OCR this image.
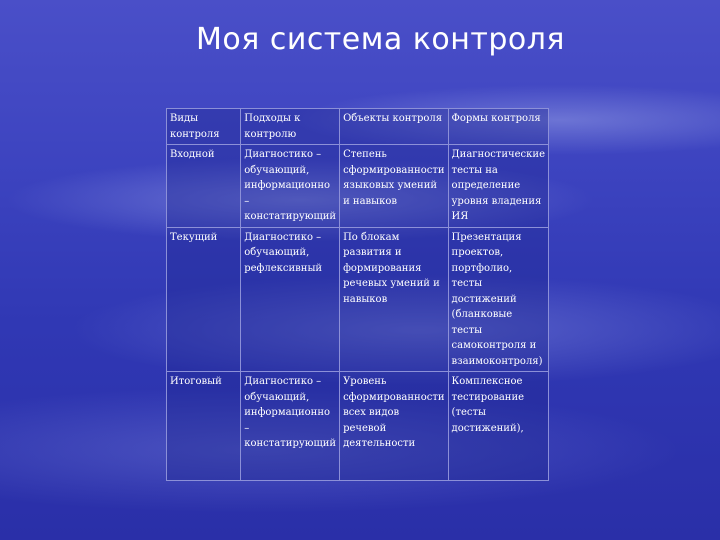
Моя система контроля
Виды контроля	Подходы к контролю	Объекты контроля	Формы контроля
Входной	Диагностико – обучающий, информационно – констатирующий	Степень сформированности языковых умений и навыков	Диагностические тесты на определение уровня владения ИЯ
Текущий	Диагностико – обучающий, рефлексивный	По блокам развития и формирования речевых умений и навыков	Презентация проектов, портфолио, тесты достижений (бланковые тесты самоконтроля и взаимоконтроля)
Итоговый	Диагностико – обучающий, информационно – констатирующий	Уровень сформированности всех видов речевой деятельности	Комплексное тестирование (тесты достижений),
